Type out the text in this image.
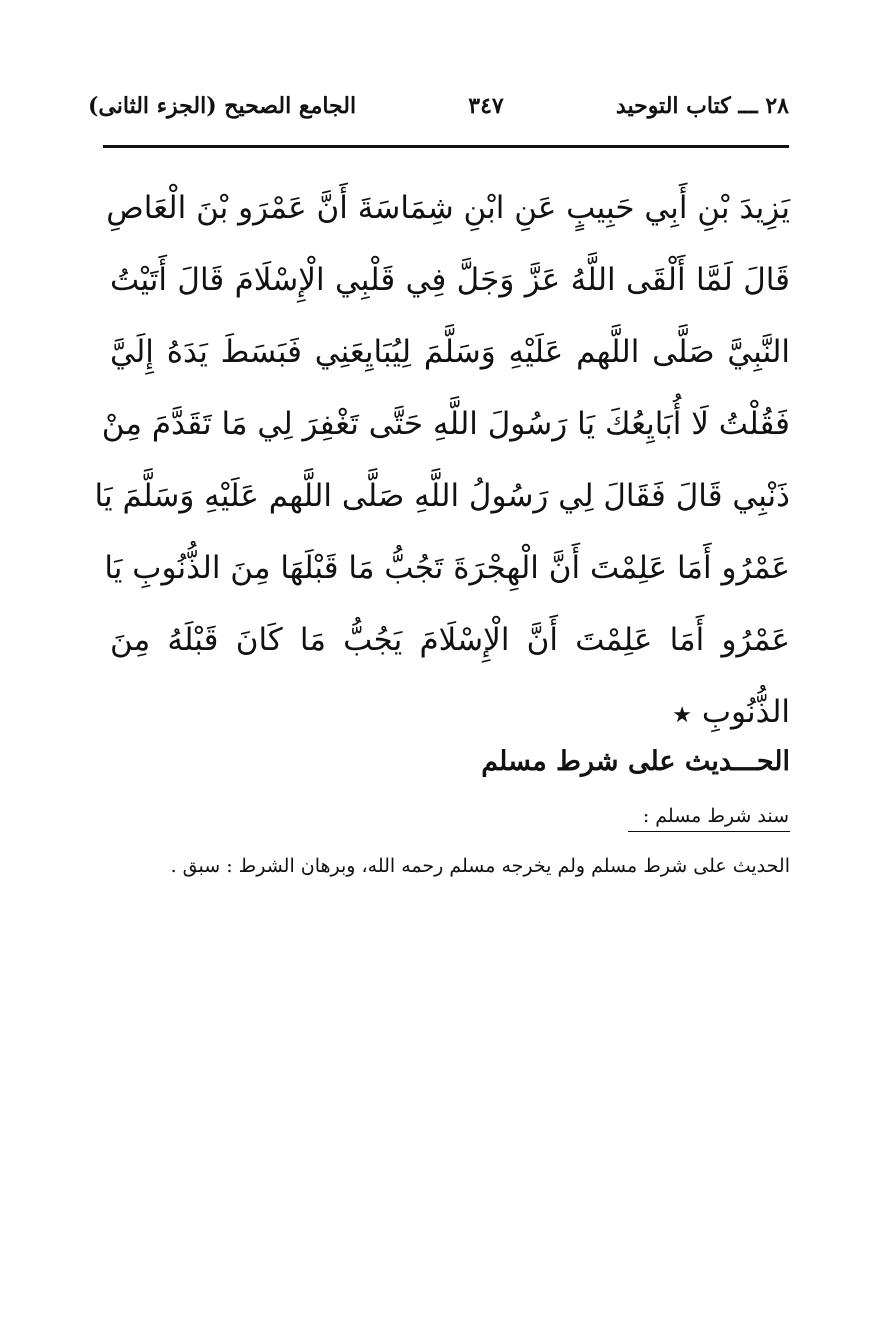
٢٨ ـــ كتاب التوحيد
٣٤٧
الجامع الصحيح (الجزء الثانى)
يَزِيدَ بْنِ أَبِي حَبِيبٍ عَنِ ابْنِ شِمَاسَةَ أَنَّ عَمْرَو بْنَ الْعَاصِ
قَالَ لَمَّا أَلْقَى اللَّهُ عَزَّ وَجَلَّ فِي قَلْبِي الْإِسْلَامَ قَالَ أَتَيْتُ
النَّبِيَّ صَلَّى اللَّهم عَلَيْهِ وَسَلَّمَ لِيُبَايِعَنِي فَبَسَطَ يَدَهُ إِلَيَّ
فَقُلْتُ لَا أُبَايِعُكَ يَا رَسُولَ اللَّهِ حَتَّى تَغْفِرَ لِي مَا تَقَدَّمَ مِنْ
ذَنْبِي قَالَ فَقَالَ لِي رَسُولُ اللَّهِ صَلَّى اللَّهم عَلَيْهِ وَسَلَّمَ يَا
عَمْرُو أَمَا عَلِمْتَ أَنَّ الْهِجْرَةَ تَجُبُّ مَا قَبْلَهَا مِنَ الذُّنُوبِ يَا
عَمْرُو أَمَا عَلِمْتَ أَنَّ الْإِسْلَامَ يَجُبُّ مَا كَانَ قَبْلَهُ مِنَ
الذُّنُوبِ ★
الحـــديث على شرط مسلم
سند شرط مسلم :
الحديث على شرط مسلم ولم يخرجه مسلم رحمه الله، وبرهان الشرط : سبق .
